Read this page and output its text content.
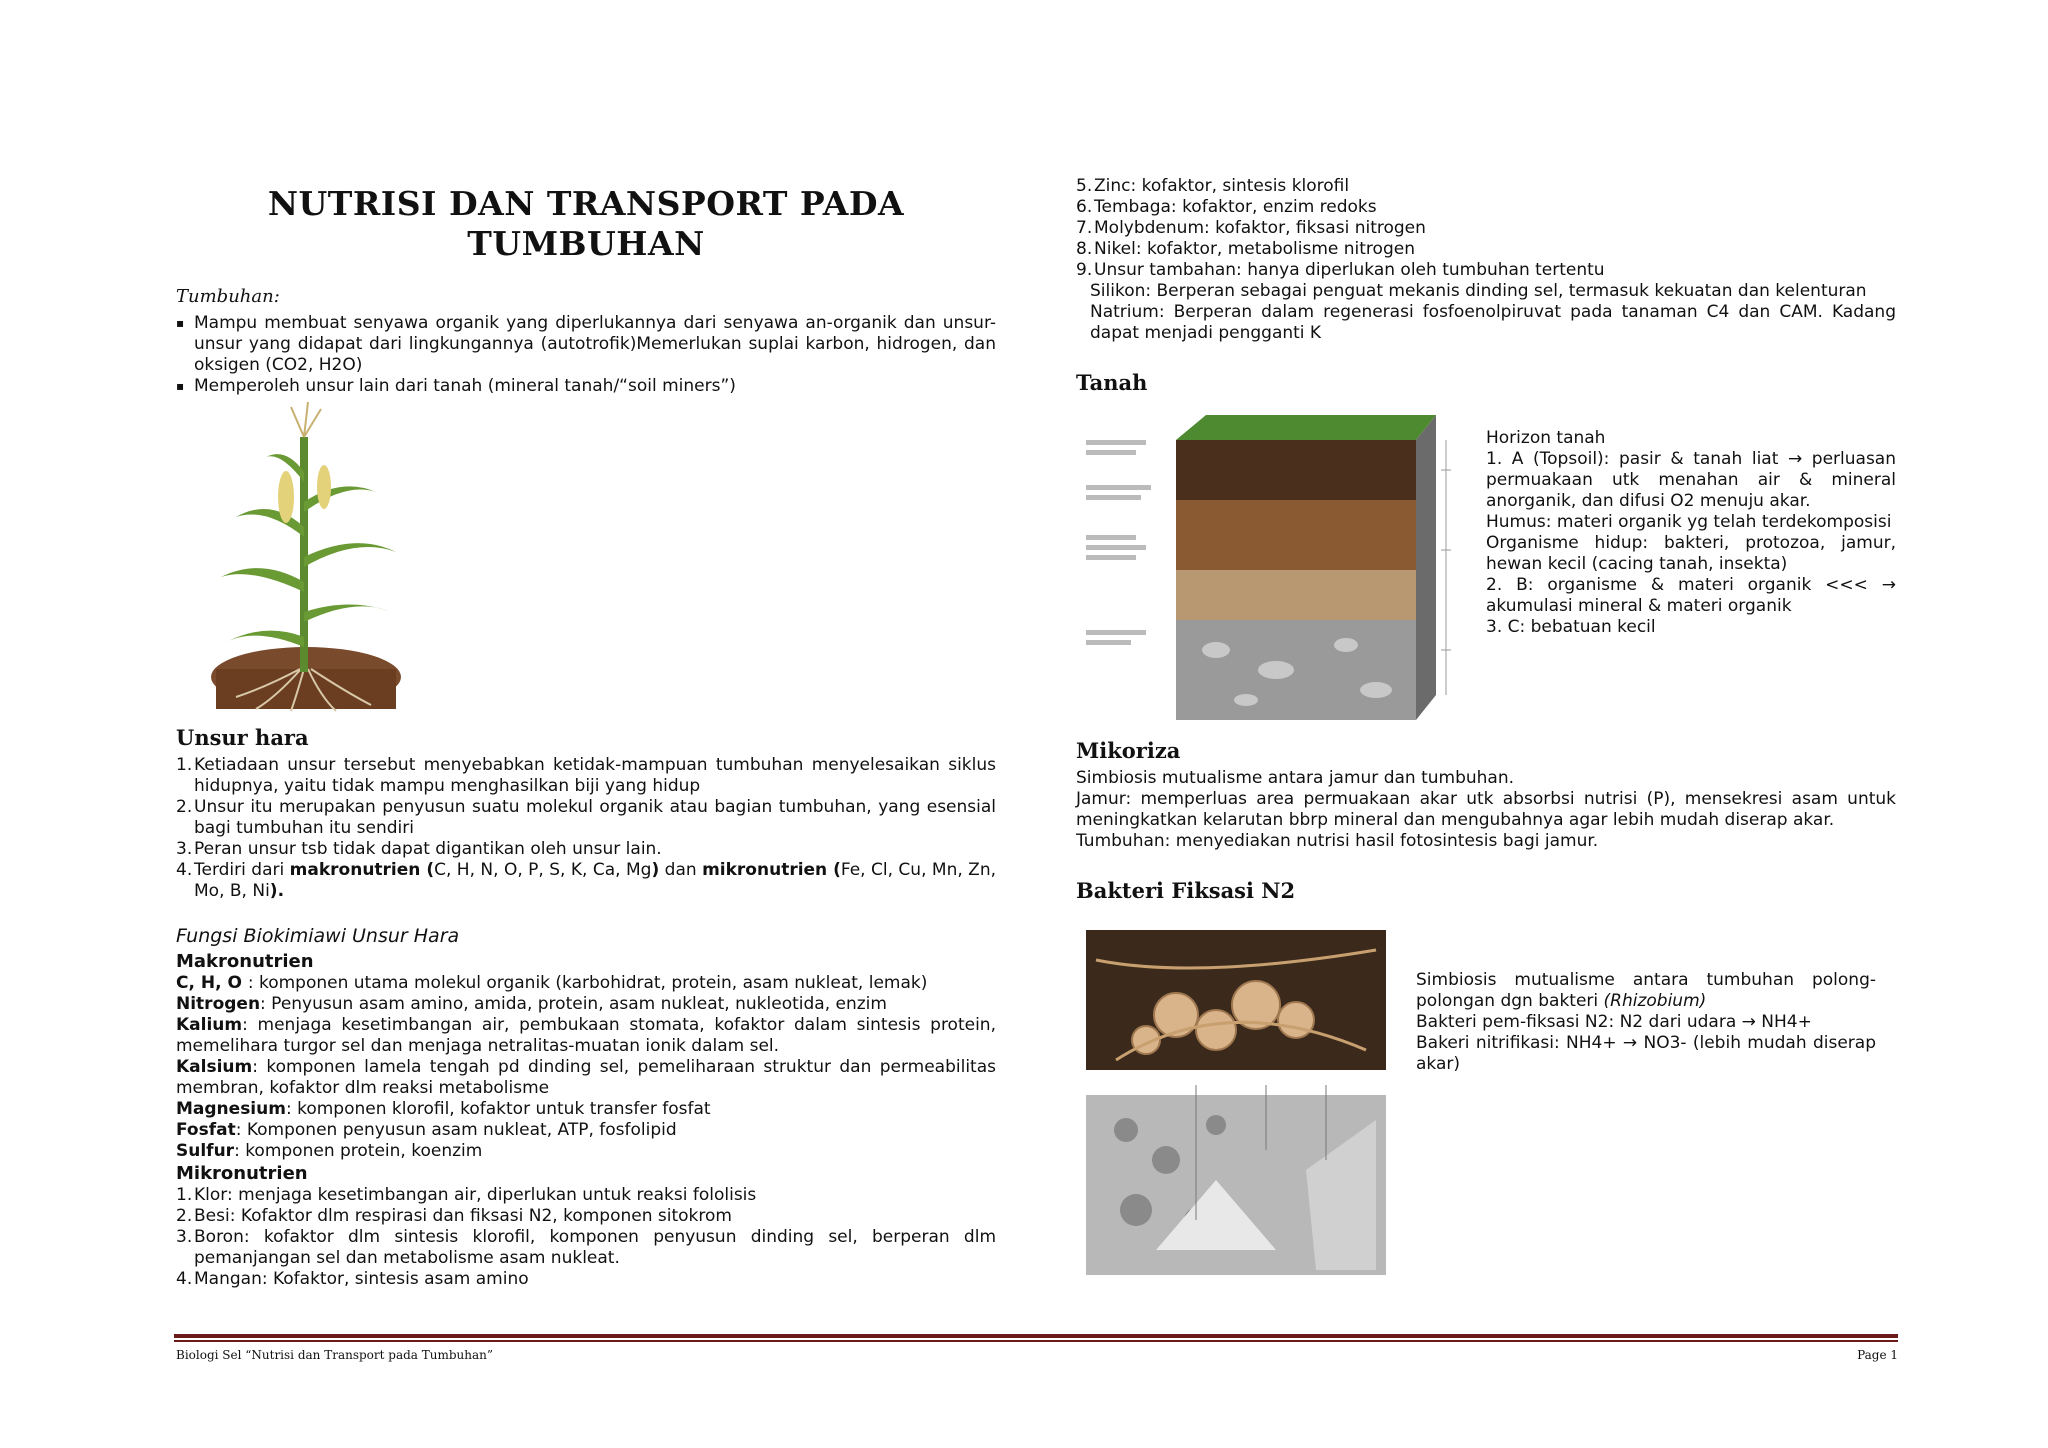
NUTRISI DAN TRANSPORT PADA TUMBUHAN
Tumbuhan:
▪ Mampu membuat senyawa organik yang diperlukannya dari senyawa an-organik dan unsur-unsur yang didapat dari lingkungannya (autotrofik)Memerlukan suplai karbon, hidrogen, dan oksigen (CO2, H2O)
▪ Memperoleh unsur lain dari tanah (mineral tanah/“soil miners”)
Unsur hara
1. Ketiadaan unsur tersebut menyebabkan ketidak-mampuan tumbuhan menyelesaikan siklus hidupnya, yaitu tidak mampu menghasilkan biji yang hidup
2. Unsur itu merupakan penyusun suatu molekul organik atau bagian tumbuhan, yang esensial bagi tumbuhan itu sendiri
3. Peran unsur tsb tidak dapat digantikan oleh unsur lain.
4. Terdiri dari makronutrien (C, H, N, O, P, S, K, Ca, Mg) dan mikronutrien (Fe, Cl, Cu, Mn, Zn, Mo, B, Ni).
Fungsi Biokimiawi Unsur Hara
Makronutrien
C, H, O : komponen utama molekul organik (karbohidrat, protein, asam nukleat, lemak)
Nitrogen: Penyusun asam amino, amida, protein, asam nukleat, nukleotida, enzim
Kalium: menjaga kesetimbangan air, pembukaan stomata, kofaktor dalam sintesis protein, memelihara turgor sel dan menjaga netralitas-muatan ionik dalam sel.
Kalsium: komponen lamela tengah pd dinding sel, pemeliharaan struktur dan permeabilitas membran, kofaktor dlm reaksi metabolisme
Magnesium: komponen klorofil, kofaktor untuk transfer fosfat
Fosfat: Komponen penyusun asam nukleat, ATP, fosfolipid
Sulfur: komponen protein, koenzim
Mikronutrien
1. Klor: menjaga kesetimbangan air, diperlukan untuk reaksi fololisis
2. Besi: Kofaktor dlm respirasi dan fiksasi N2, komponen sitokrom
3. Boron: kofaktor dlm sintesis klorofil, komponen penyusun dinding sel, berperan dlm pemanjangan sel dan metabolisme asam nukleat.
4. Mangan: Kofaktor, sintesis asam amino
5. Zinc: kofaktor, sintesis klorofil
6. Tembaga: kofaktor, enzim redoks
7. Molybdenum: kofaktor, fiksasi nitrogen
8. Nikel: kofaktor, metabolisme nitrogen
9. Unsur tambahan: hanya diperlukan oleh tumbuhan tertentu
Silikon: Berperan sebagai penguat mekanis dinding sel, termasuk kekuatan dan kelenturan
Natrium: Berperan dalam regenerasi fosfoenolpiruvat pada tanaman C4 dan CAM. Kadang dapat menjadi pengganti K
Tanah
Horizon tanah
1. A (Topsoil): pasir & tanah liat → perluasan permuakaan utk menahan air & mineral anorganik, dan difusi O2 menuju akar.
Humus: materi organik yg telah terdekomposisi
Organisme hidup: bakteri, protozoa, jamur, hewan kecil (cacing tanah, insekta)
2. B: organisme & materi organik <<< → akumulasi mineral & materi organik
3. C: bebatuan kecil
Mikoriza
Simbiosis mutualisme antara jamur dan tumbuhan.
Jamur: memperluas area permuakaan akar utk absorbsi nutrisi (P), mensekresi asam untuk meningkatkan kelarutan bbrp mineral dan mengubahnya agar lebih mudah diserap akar.
Tumbuhan: menyediakan nutrisi hasil fotosintesis bagi jamur.
Bakteri Fiksasi N2
Simbiosis mutualisme antara tumbuhan polong-polongan dgn bakteri (Rhizobium)
Bakteri pem-fiksasi N2: N2 dari udara → NH4+
Bakeri nitrifikasi: NH4+ → NO3- (lebih mudah diserap akar)
Biologi Sel “Nutrisi dan Transport pada Tumbuhan”	Page 1
